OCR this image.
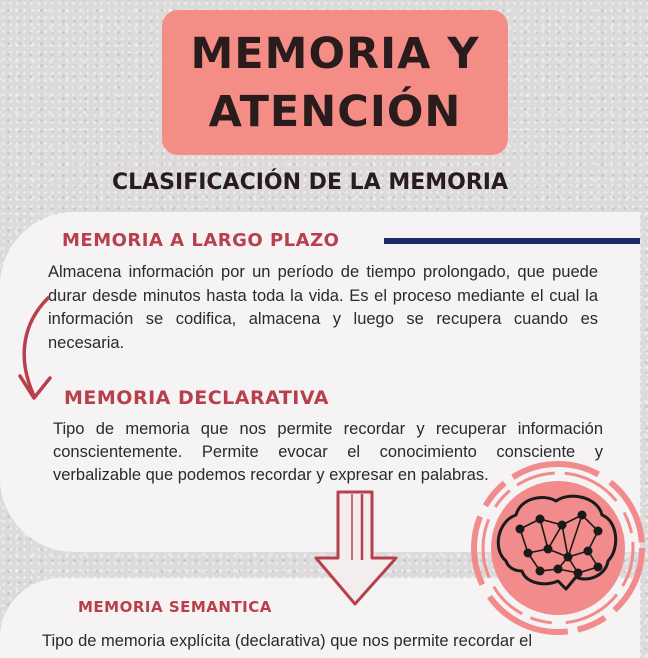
MEMORIA Y
ATENCIÓN
CLASIFICACIÓN DE LA MEMORIA
MEMORIA A LARGO PLAZO
Almacena información por un período de tiempo prolongado, que puede durar desde minutos hasta toda la vida. Es el proceso mediante el cual la información se codifica, almacena y luego se recupera cuando es necesaria.
MEMORIA DECLARATIVA
Tipo de memoria que nos permite recordar y recuperar información conscientemente. Permite evocar el conocimiento consciente y verbalizable que podemos recordar y expresar en palabras.
MEMORIA SEMANTICA
Tipo de memoria explícita (declarativa) que nos permite recordar el
